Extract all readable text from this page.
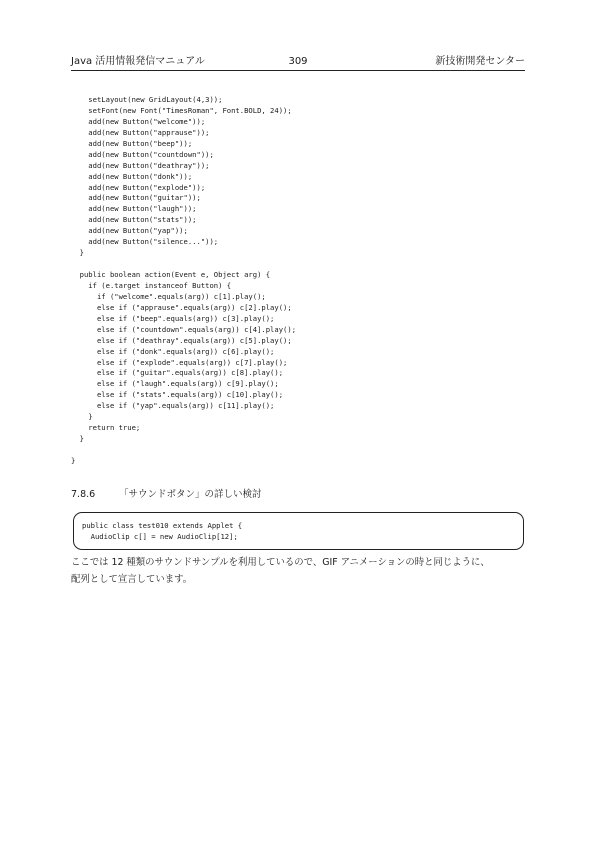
Java 活用情報発信マニュアル	309	新技術開発センター
setLayout(new GridLayout(4,3));
setFont(new Font("TimesRoman", Font.BOLD, 24));
add(new Button("welcome"));
add(new Button("apprause"));
add(new Button("beep"));
add(new Button("countdown"));
add(new Button("deathray"));
add(new Button("donk"));
add(new Button("explode"));
add(new Button("guitar"));
add(new Button("laugh"));
add(new Button("stats"));
add(new Button("yap"));
add(new Button("silence..."));
}
public boolean action(Event e, Object arg) {
if (e.target instanceof Button) {
if ("welcome".equals(arg)) c[1].play();
else if ("apprause".equals(arg)) c[2].play();
else if ("beep".equals(arg)) c[3].play();
else if ("countdown".equals(arg)) c[4].play();
else if ("deathray".equals(arg)) c[5].play();
else if ("donk".equals(arg)) c[6].play();
else if ("explode".equals(arg)) c[7].play();
else if ("guitar".equals(arg)) c[8].play();
else if ("laugh".equals(arg)) c[9].play();
else if ("stats".equals(arg)) c[10].play();
else if ("yap".equals(arg)) c[11].play();
}
return true;
}
}
7.8.6	「サウンドボタン」の詳しい検討
public class test010 extends Applet {
AudioClip c[] = new AudioClip[12];

ここでは 12 種類のサウンドサンプルを利用しているので、GIF アニメーションの時と同じように、
配列として宣言しています。
